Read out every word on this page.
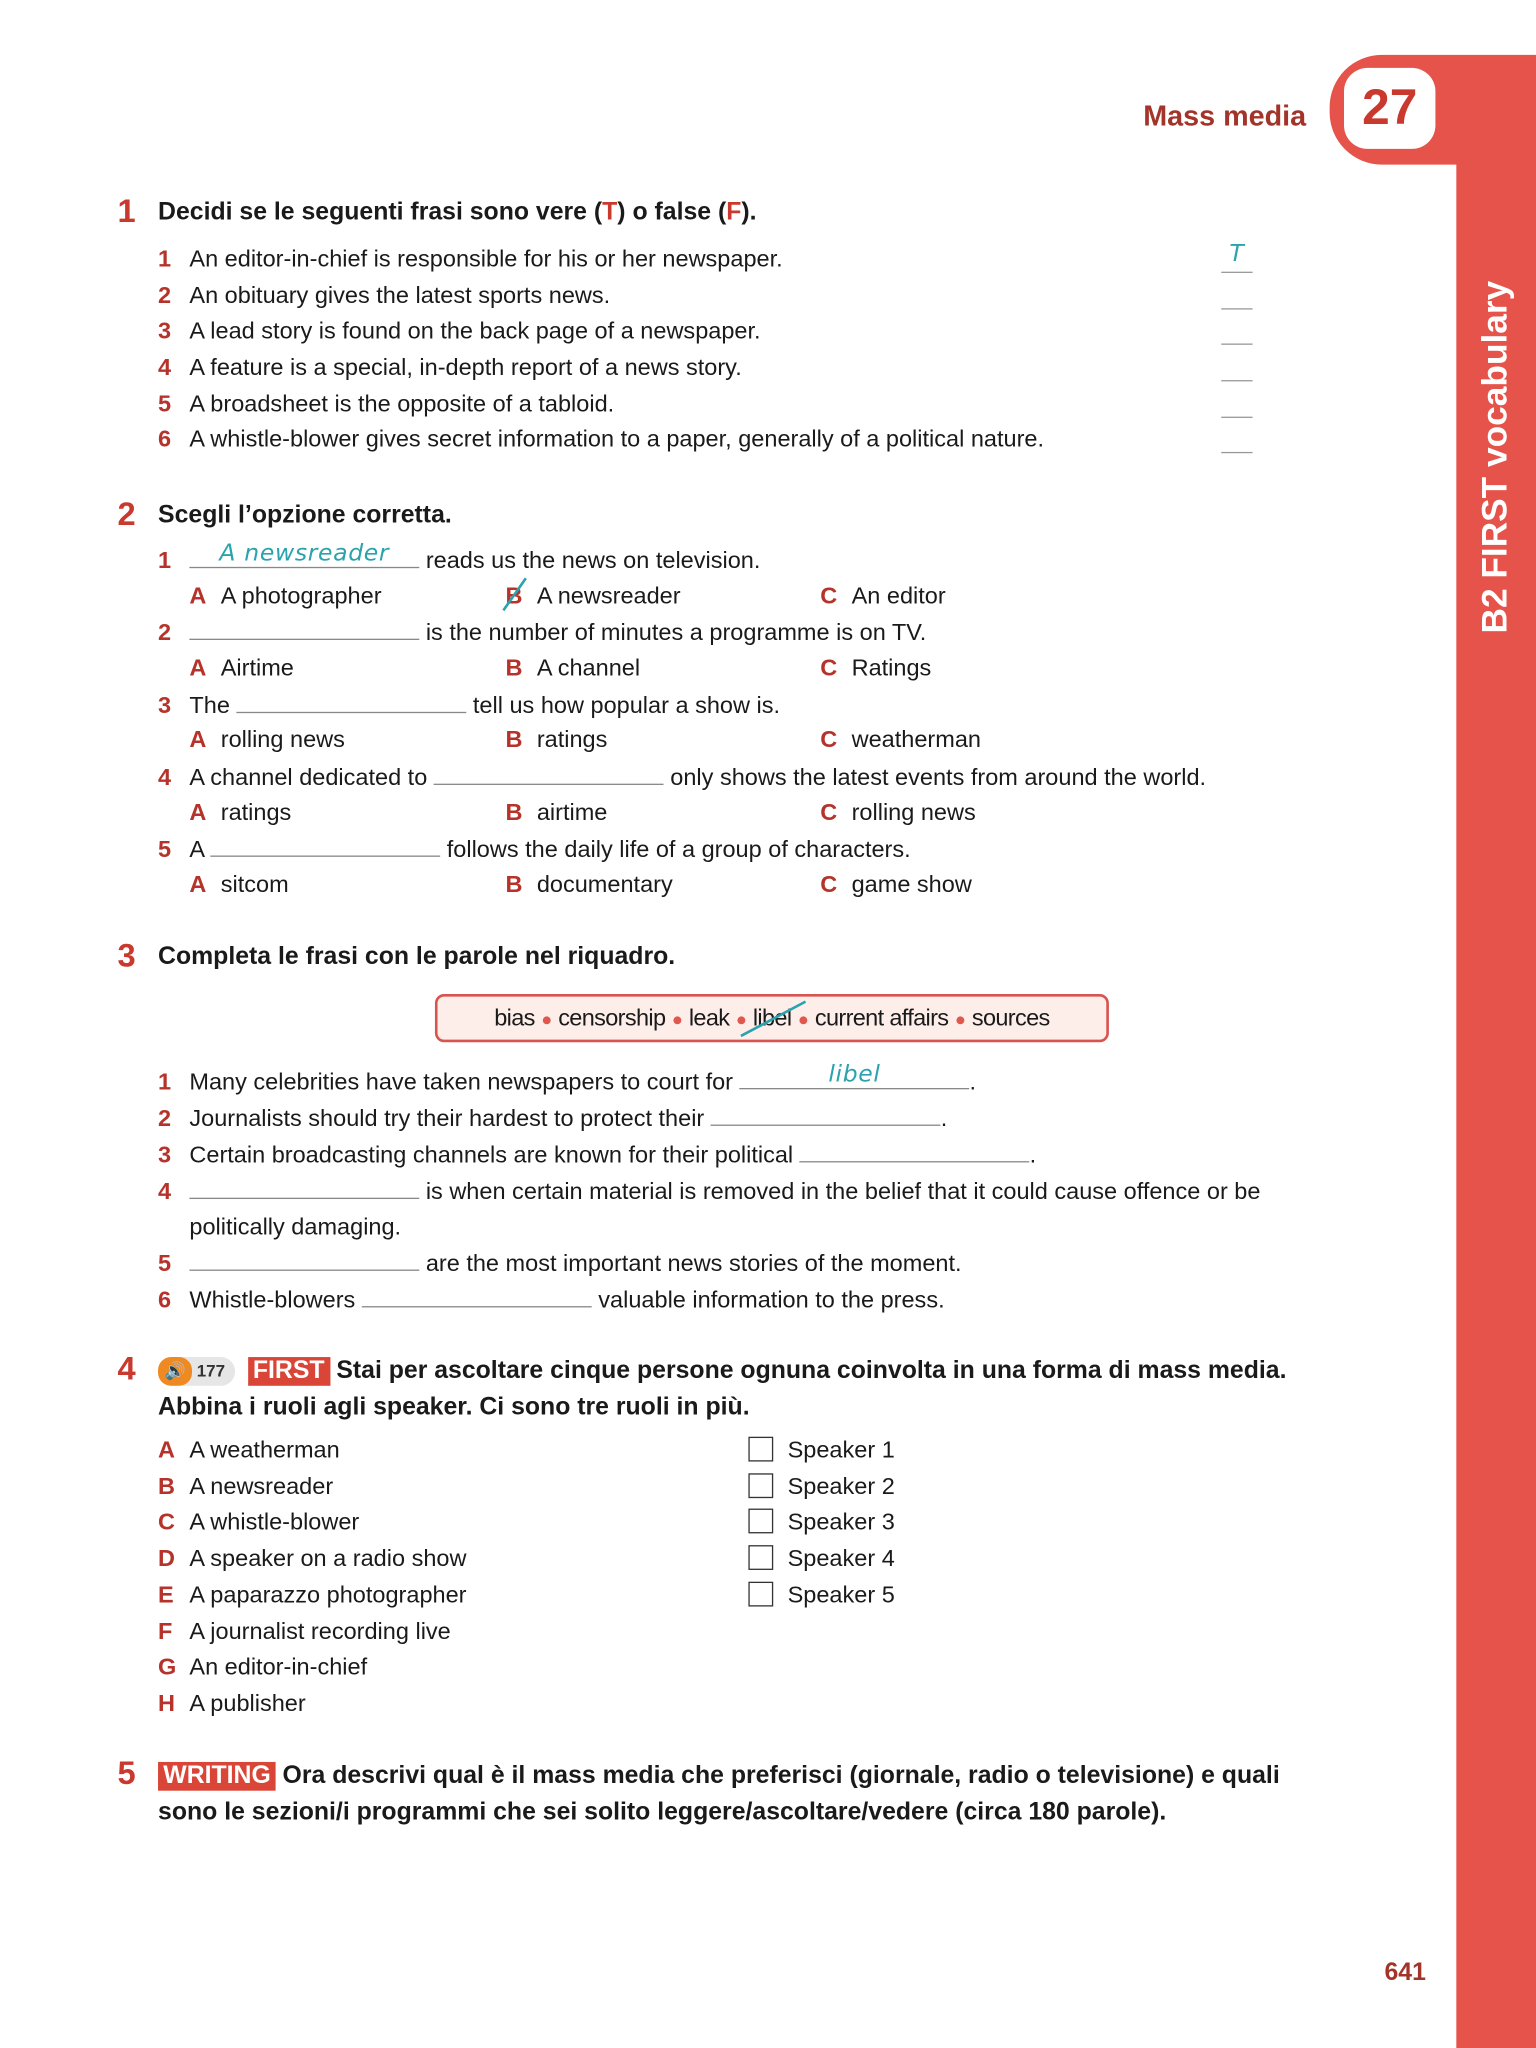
Mass media	27
B2 FIRST vocabulary
641
1 Decidi se le seguenti frasi sono vere (T) o false (F).
1 An editor-in-chief is responsible for his or her newspaper.	T
2 An obituary gives the latest sports news.
3 A lead story is found on the back page of a newspaper.
4 A feature is a special, in-depth report of a news story.
5 A broadsheet is the opposite of a tabloid.
6 A whistle-blower gives secret information to a paper, generally of a political nature.
2 Scegli l’opzione corretta.
1	A newsreader	reads us the news on television.
A A photographer	B A newsreader	C An editor
2	is the number of minutes a programme is on TV.
A Airtime	B A channel	C Ratings
3 The	tell us how popular a show is.
A rolling news	B ratings	C weatherman
4 A channel dedicated to	only shows the latest events from around the world.
A ratings	B airtime	C rolling news
5 A	follows the daily life of a group of characters.
A sitcom	B documentary	C game show
3 Completa le frasi con le parole nel riquadro.
bias ● censorship ● leak ● libel ● current affairs ● sources
1 Many celebrities have taken newspapers to court for	libel	.
2 Journalists should try their hardest to protect their	.
3 Certain broadcasting channels are known for their political	.
4	is when certain material is removed in the belief that it could cause offence or be
politically damaging.
5	are the most important news stories of the moment.
6 Whistle-blowers	valuable information to the press.
4	🔊 177 FIRST Stai per ascoltare cinque persone ognuna coinvolta in una forma di mass media.
Abbina i ruoli agli speaker. Ci sono tre ruoli in più.
A A weatherman
B A newsreader
C A whistle-blower
D A speaker on a radio show
E A paparazzo photographer
F A journalist recording live
G An editor-in-chief
H A publisher
Speaker 1
Speaker 2
Speaker 3
Speaker 4
Speaker 5
5 WRITING Ora descrivi qual è il mass media che preferisci (giornale, radio o televisione) e quali
sono le sezioni/i programmi che sei solito leggere/ascoltare/vedere (circa 180 parole).
